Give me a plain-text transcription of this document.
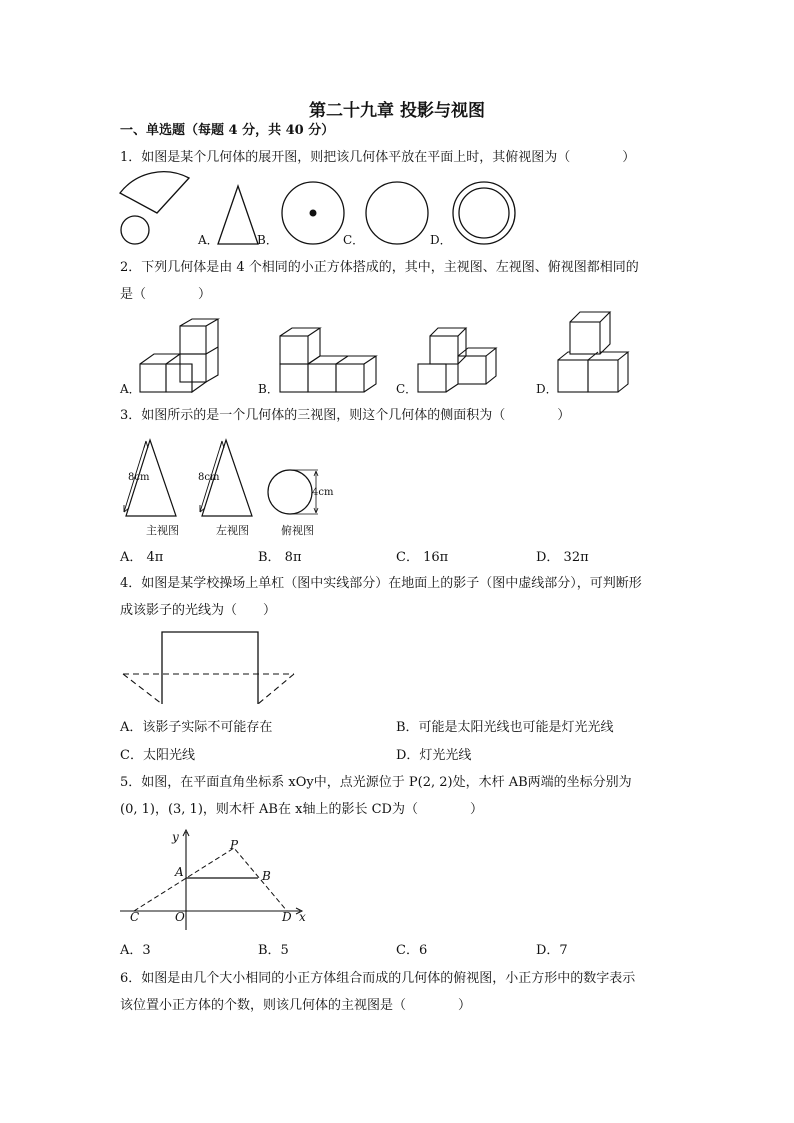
第二十九章 投影与视图
一、单选题（每题 4 分，共 40 分）
1．如图是某个几何体的展开图，则把该几何体平放在平面上时，其俯视图为（　　　　）
A．	B．	C．	D．
2．下列几何体是由 4 个相同的小正方体搭成的，其中，主视图、左视图、俯视图都相同的
是（　　　　）
A．	B．	C．	D．
3．如图所示的是一个几何体的三视图，则这个几何体的侧面积为（　　　　）
8cm
主视图
8cm
左视图
4cm
俯视图
A． 4π	B． 8π	C． 16π	D． 32π
4．如图是某学校操场上单杠（图中实线部分）在地面上的影子（图中虚线部分），可判断形
成该影子的光线为（　　）
A．该影子实际不可能存在	B．可能是太阳光线也可能是灯光光线
C．太阳光线	D．灯光光线
5．如图，在平面直角坐标系 xOy中，点光源位于 P(2, 2)处，木杆 AB两端的坐标分别为
(0, 1)，(3, 1)，则木杆 AB在 x轴上的影长 CD为（　　　　）
y
P
A	B
C	O	D x
A．3	B．5	C．6	D．7
6．如图是由几个大小相同的小正方体组合而成的几何体的俯视图，小正方形中的数字表示
该位置小正方体的个数，则该几何体的主视图是（　　　　）
